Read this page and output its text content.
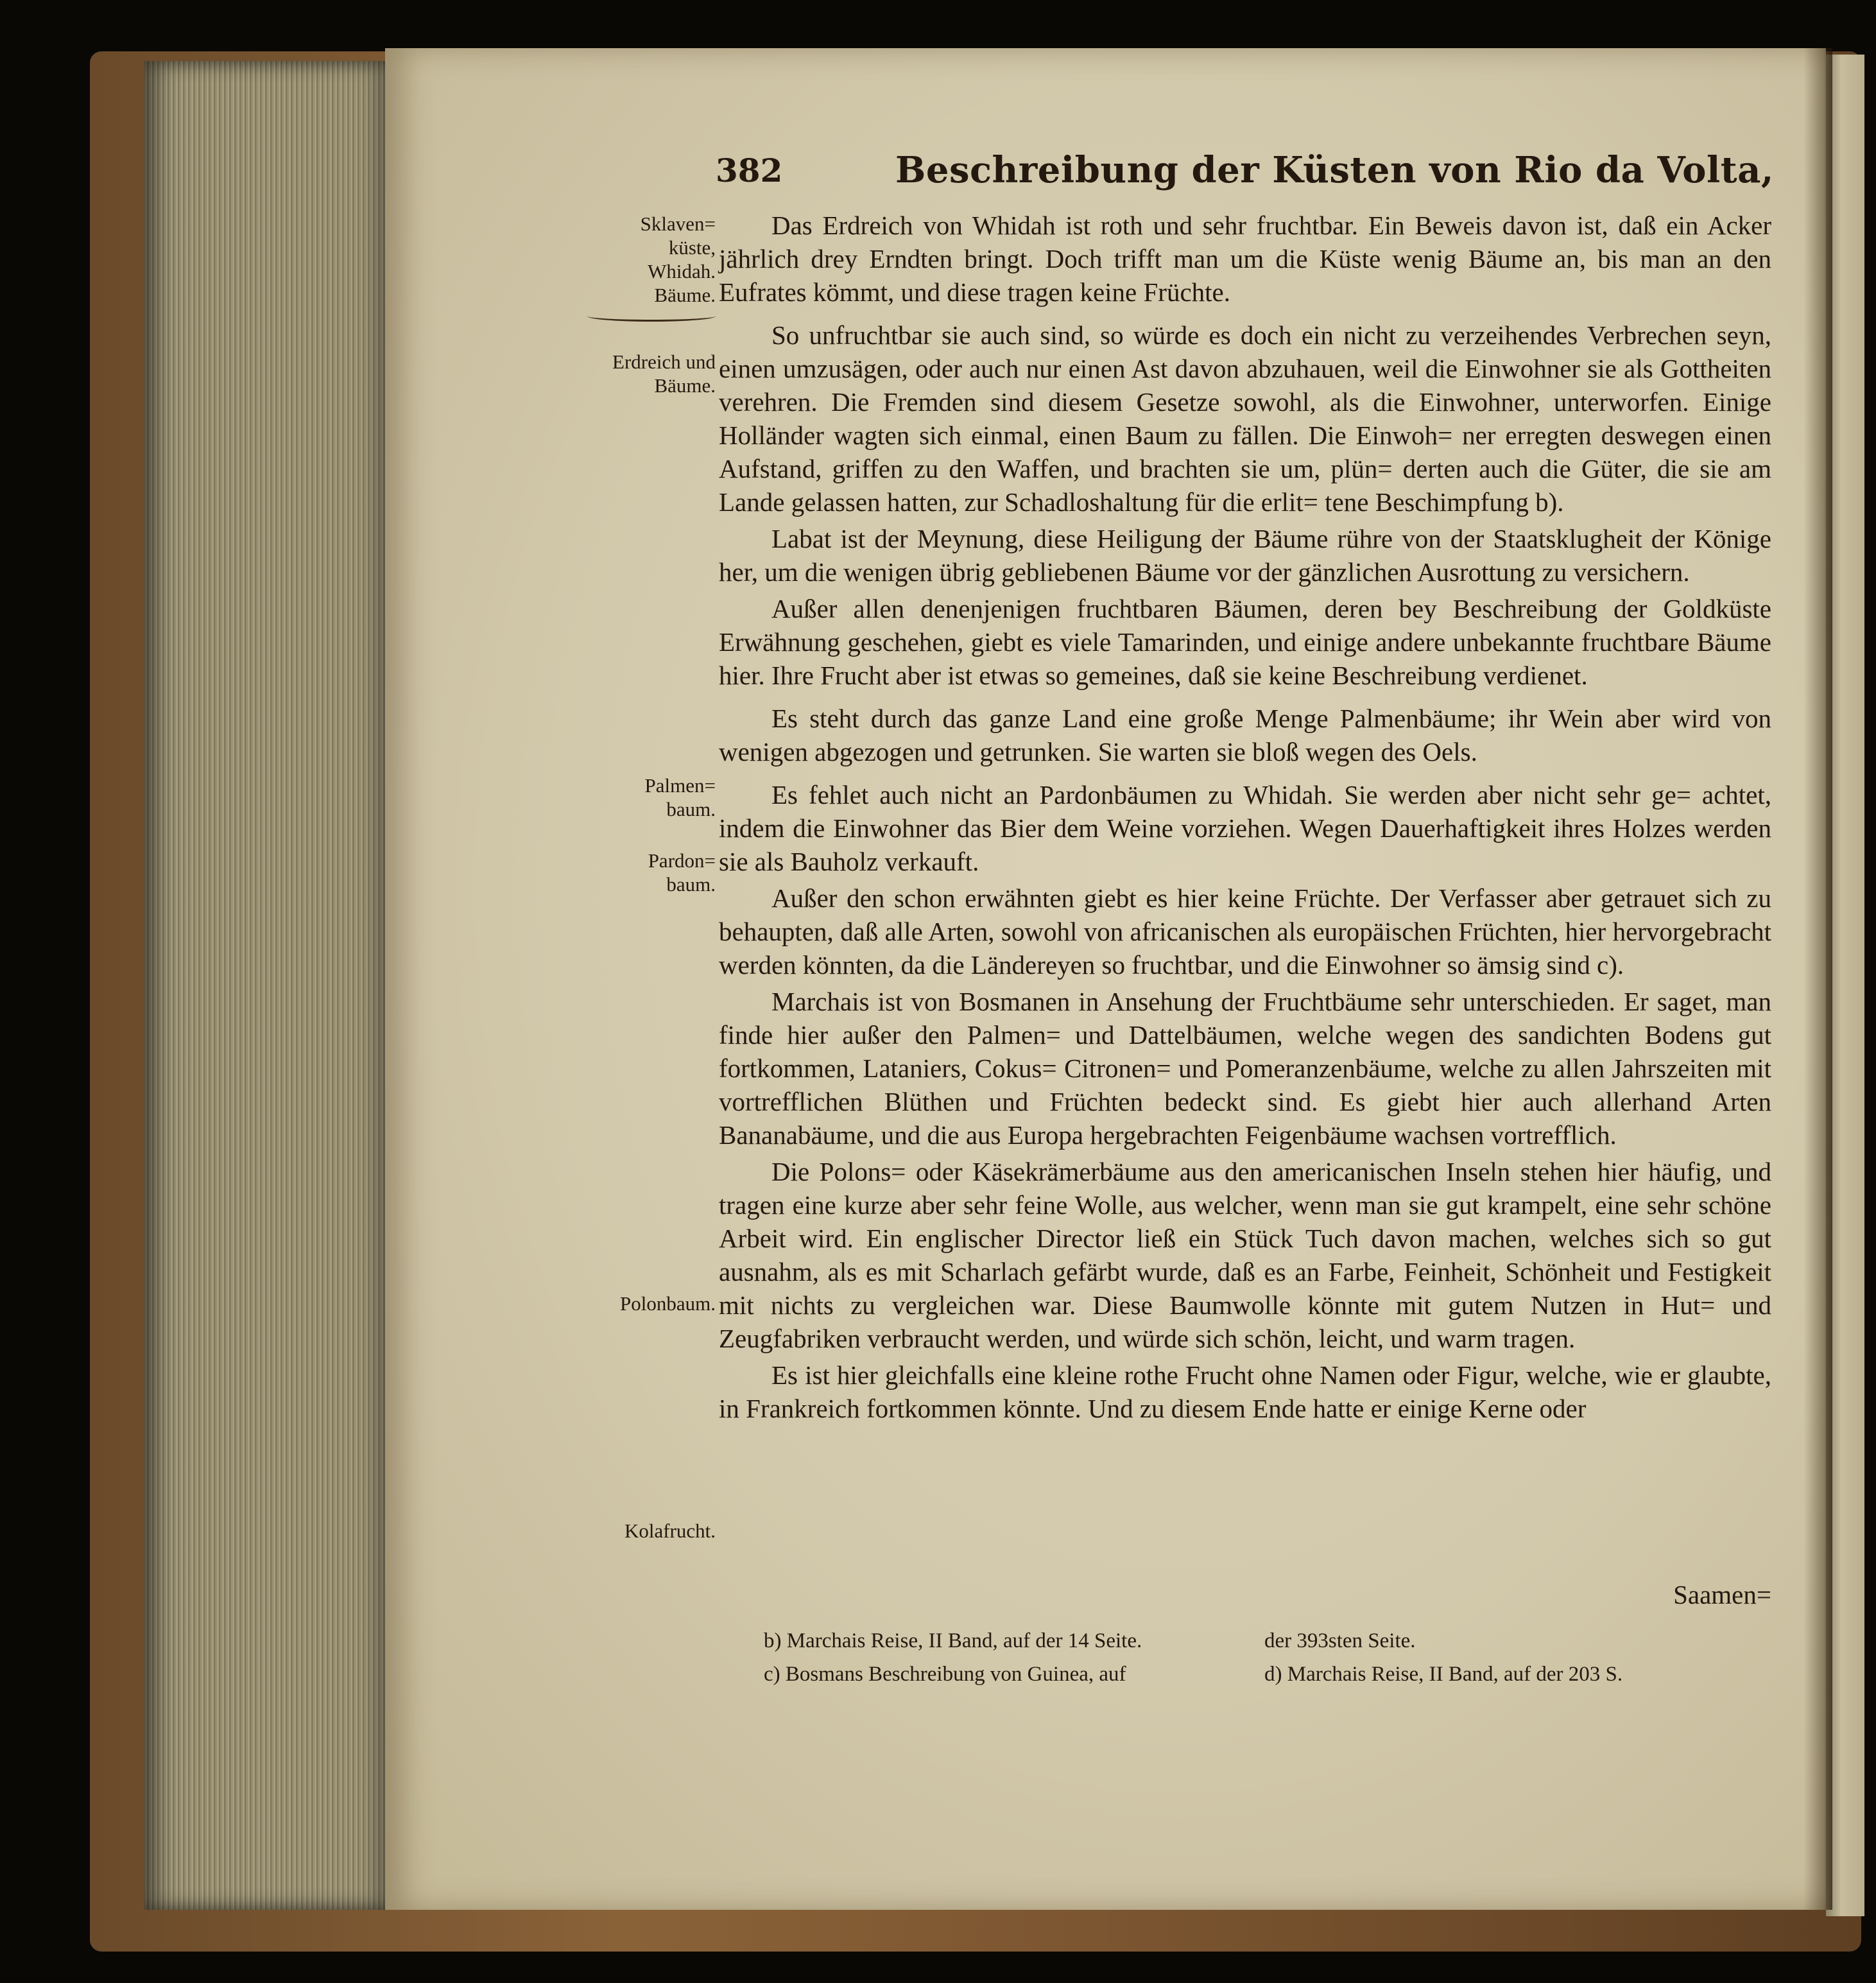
382	Beschreibung der Küsten von Rio da Volta,
Sklaven=
küste,
Whidah.
Bäume.
Erdreich und
Bäume.
Palmen=
baum.
Pardon=
baum.
Polonbaum.
Kolafrucht.

Das Erdreich von Whidah ist roth und sehr fruchtbar. Ein Beweis davon ist, daß ein Acker jährlich drey Erndten bringt. Doch trifft man um die Küste wenig Bäume an, bis man an den Eufrates kömmt, und diese tragen keine Früchte.

So unfruchtbar sie auch sind, so würde es doch ein nicht zu verzeihendes Verbrechen seyn, einen umzusägen, oder auch nur einen Ast davon abzuhauen, weil die Einwohner sie als Gottheiten verehren. Die Fremden sind diesem Gesetze sowohl, als die Einwohner, unterworfen. Einige Holländer wagten sich einmal, einen Baum zu fällen. Die Einwoh= ner erregten deswegen einen Aufstand, griffen zu den Waffen, und brachten sie um, plün= derten auch die Güter, die sie am Lande gelassen hatten, zur Schadloshaltung für die erlit= tene Beschimpfung b).

Labat ist der Meynung, diese Heiligung der Bäume rühre von der Staatsklugheit der Könige her, um die wenigen übrig gebliebenen Bäume vor der gänzlichen Ausrottung zu versichern.

Außer allen denenjenigen fruchtbaren Bäumen, deren bey Beschreibung der Goldküste Erwähnung geschehen, giebt es viele Tamarinden, und einige andere unbekannte fruchtbare Bäume hier. Ihre Frucht aber ist etwas so gemeines, daß sie keine Beschreibung verdienet.

Es steht durch das ganze Land eine große Menge Palmenbäume; ihr Wein aber wird von wenigen abgezogen und getrunken. Sie warten sie bloß wegen des Oels.

Es fehlet auch nicht an Pardonbäumen zu Whidah. Sie werden aber nicht sehr ge= achtet, indem die Einwohner das Bier dem Weine vorziehen. Wegen Dauerhaftigkeit ihres Holzes werden sie als Bauholz verkauft.

Außer den schon erwähnten giebt es hier keine Früchte. Der Verfasser aber getrauet sich zu behaupten, daß alle Arten, sowohl von africanischen als europäischen Früchten, hier hervorgebracht werden könnten, da die Ländereyen so fruchtbar, und die Einwohner so ämsig sind c).

Marchais ist von Bosmanen in Ansehung der Fruchtbäume sehr unterschieden. Er saget, man finde hier außer den Palmen= und Dattelbäumen, welche wegen des sandichten Bodens gut fortkommen, Lataniers, Cokus= Citronen= und Pomeranzenbäume, welche zu allen Jahrszeiten mit vortrefflichen Blüthen und Früchten bedeckt sind. Es giebt hier auch allerhand Arten Bananabäume, und die aus Europa hergebrachten Feigenbäume wachsen vortrefflich.

Die Polons= oder Käsekrämerbäume aus den americanischen Inseln stehen hier häufig, und tragen eine kurze aber sehr feine Wolle, aus welcher, wenn man sie gut krampelt, eine sehr schöne Arbeit wird. Ein englischer Director ließ ein Stück Tuch davon machen, welches sich so gut ausnahm, als es mit Scharlach gefärbt wurde, daß es an Farbe, Feinheit, Schönheit und Festigkeit mit nichts zu vergleichen war. Diese Baumwolle könnte mit gutem Nutzen in Hut= und Zeugfabriken verbraucht werden, und würde sich schön, leicht, und warm tragen.

Es ist hier gleichfalls eine kleine rothe Frucht ohne Namen oder Figur, welche, wie er glaubte, in Frankreich fortkommen könnte. Und zu diesem Ende hatte er einige Kerne oder

Saamen=
b) Marchais Reise, II Band, auf der 14 Seite.	der 393sten Seite.
c) Bosmans Beschreibung von Guinea, auf	d) Marchais Reise, II Band, auf der 203 S.
